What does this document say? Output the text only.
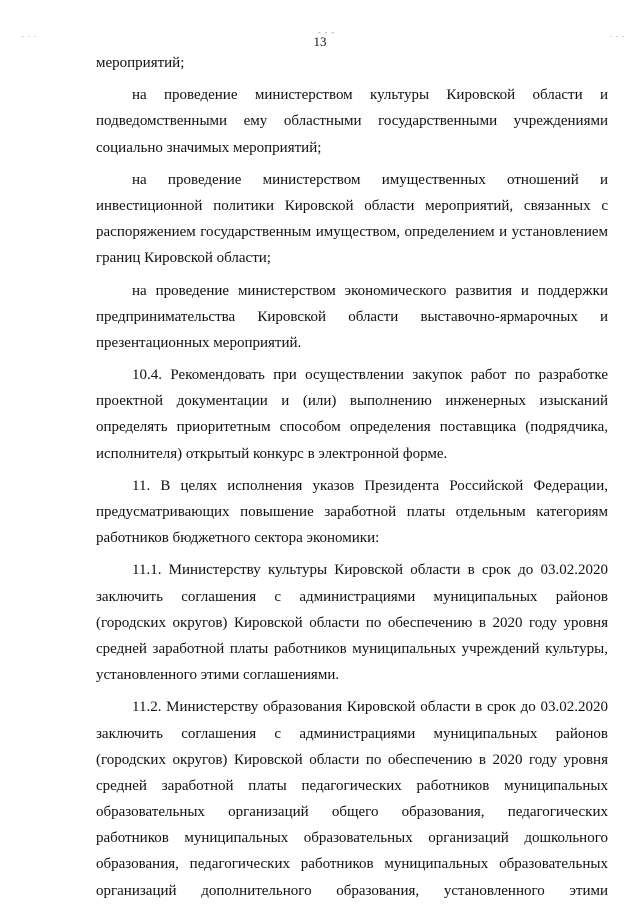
. . .	- - -	. . .
13
мероприятий;
на проведение министерством культуры Кировской области и
подведомственными ему областными государственными учреждениями
социально значимых мероприятий;
на проведение министерством имущественных отношений и
инвестиционной политики Кировской области мероприятий, связанных с
распоряжением государственным имуществом, определением и установлением
границ Кировской области;
на проведение министерством экономического развития и поддержки
предпринимательства Кировской области выставочно-ярмарочных и
презентационных мероприятий.
10.4. Рекомендовать при осуществлении закупок работ по разработке
проектной документации и (или) выполнению инженерных изысканий
определять приоритетным способом определения поставщика (подрядчика,
исполнителя) открытый конкурс в электронной форме.
11. В целях исполнения указов Президента Российской Федерации,
предусматривающих повышение заработной платы отдельным категориям
работников бюджетного сектора экономики:
11.1. Министерству культуры Кировской области в срок до 03.02.2020
заключить соглашения с администрациями муниципальных районов
(городских округов) Кировской области по обеспечению в 2020 году уровня
средней заработной платы работников муниципальных учреждений культуры,
установленного этими соглашениями.
11.2. Министерству образования Кировской области в срок до 03.02.2020
заключить соглашения с администрациями муниципальных районов
(городских округов) Кировской области по обеспечению в 2020 году уровня
средней заработной платы педагогических работников муниципальных
образовательных организаций общего образования, педагогических
работников муниципальных образовательных организаций дошкольного
образования, педагогических работников муниципальных образовательных
организаций дополнительного образования, установленного этими
